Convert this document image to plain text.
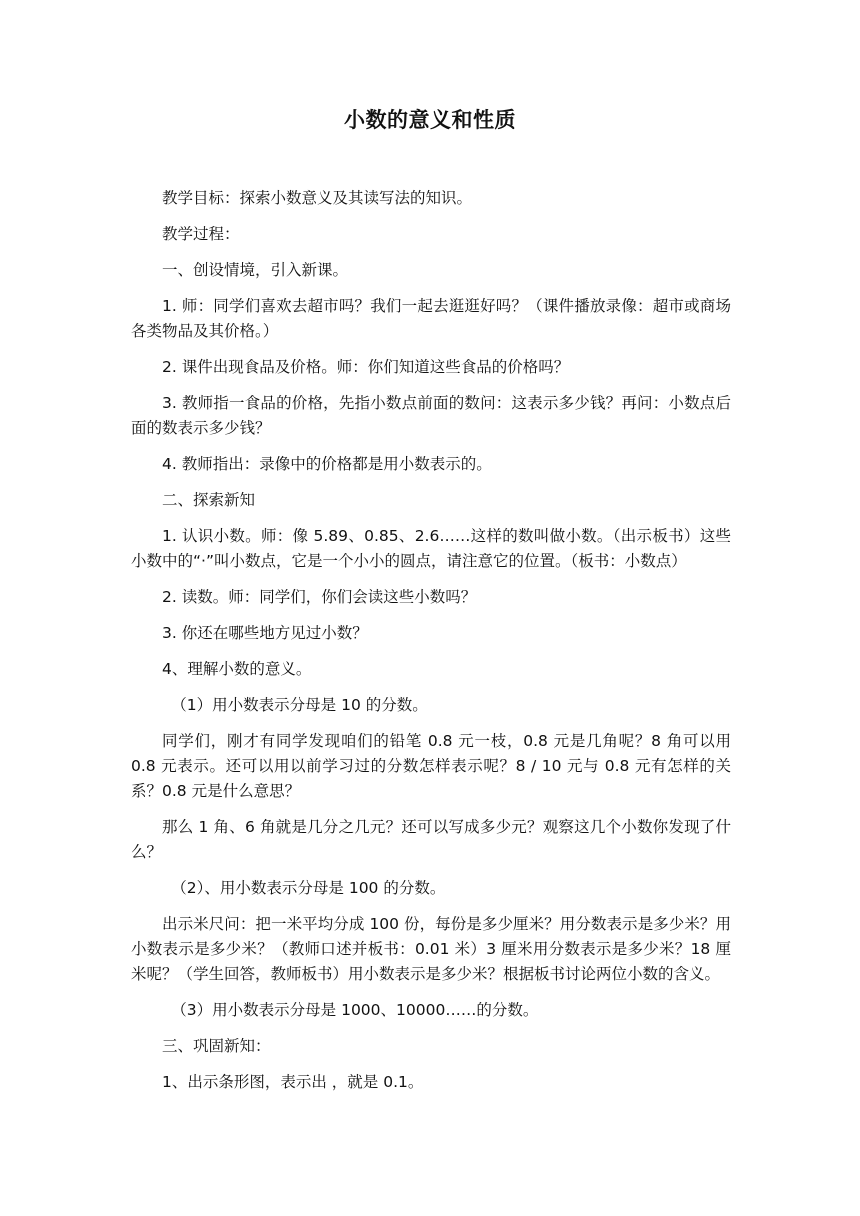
小数的意义和性质

教学目标：探索小数意义及其读写法的知识。

教学过程：

一、创设情境，引入新课。

1. 师：同学们喜欢去超市吗？我们一起去逛逛好吗？（课件播放录像：超市或商场各类物品及其价格。）

2. 课件出现食品及价格。师：你们知道这些食品的价格吗？

3. 教师指一食品的价格，先指小数点前面的数问：这表示多少钱？再问：小数点后面的数表示多少钱？

4. 教师指出：录像中的价格都是用小数表示的。

二、探索新知

1. 认识小数。师：像 5.89、0.85、2.6……这样的数叫做小数。（出示板书）这些小数中的“·”叫小数点，它是一个小小的圆点，请注意它的位置。（板书：小数点）

2. 读数。师：同学们，你们会读这些小数吗？

3. 你还在哪些地方见过小数？

4、理解小数的意义。

（1）用小数表示分母是 10 的分数。

同学们，刚才有同学发现咱们的铅笔 0.8 元一枝，0.8 元是几角呢？8 角可以用 0.8 元表示。还可以用以前学习过的分数怎样表示呢？8 / 10 元与 0.8 元有怎样的关系？0.8 元是什么意思？

那么 1 角、6 角就是几分之几元？还可以写成多少元？观察这几个小数你发现了什么？

（2）、用小数表示分母是 100 的分数。

出示米尺问：把一米平均分成 100 份，每份是多少厘米？用分数表示是多少米？用小数表示是多少米？（教师口述并板书：0.01 米）3 厘米用分数表示是多少米？18 厘米呢？（学生回答，教师板书）用小数表示是多少米？根据板书讨论两位小数的含义。

（3）用小数表示分母是 1000、10000……的分数。

三、巩固新知：

1、出示条形图，表示出 ，就是 0.1。
